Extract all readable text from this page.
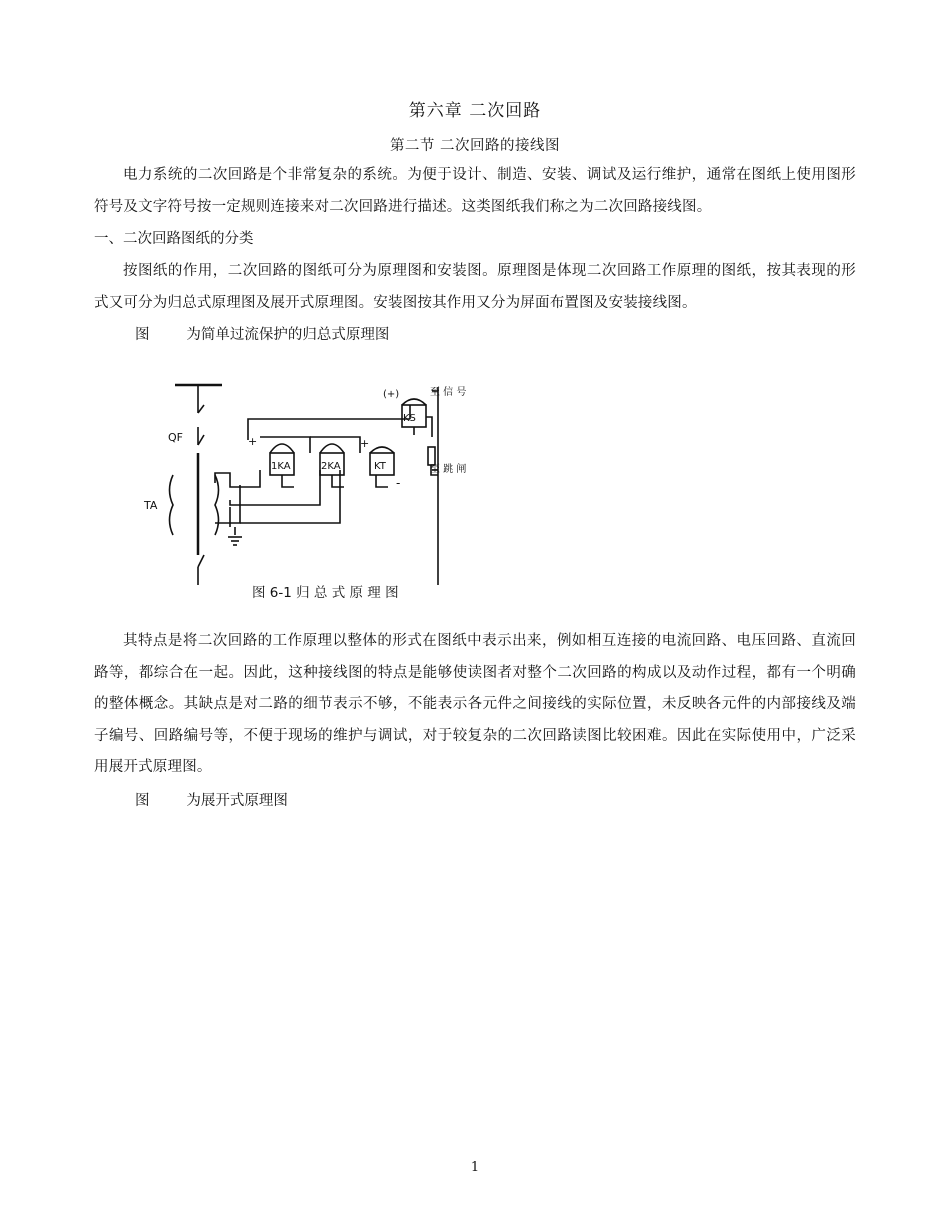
第六章 二次回路
第二节 二次回路的接线图
电力系统的二次回路是个非常复杂的系统。为便于设计、制造、安装、调试及运行维护，通常在图纸上使用图形符号及文字符号按一定规则连接来对二次回路进行描述。这类图纸我们称之为二次回路接线图。
一、二次回路图纸的分类
按图纸的作用，二次回路的图纸可分为原理图和安装图。原理图是体现二次回路工作原理的图纸，按其表现的形式又可分为归总式原理图及展开式原理图。安装图按其作用又分为屏面布置图及安装接线图。
图        为简单过流保护的归总式原理图
QF
TA
1KA	2KA	KT
KS
至 信 号
至 跳 闸
(+)
+	+
-
图 6-1 归 总 式 原 理 图
其特点是将二次回路的工作原理以整体的形式在图纸中表示出来，例如相互连接的电流回路、电压回路、直流回路等，都综合在一起。因此，这种接线图的特点是能够使读图者对整个二次回路的构成以及动作过程，都有一个明确的整体概念。其缺点是对二路的细节表示不够，不能表示各元件之间接线的实际位置，未反映各元件的内部接线及端子编号、回路编号等，不便于现场的维护与调试，对于较复杂的二次回路读图比较困难。因此在实际使用中，广泛采用展开式原理图。
图        为展开式原理图
1
